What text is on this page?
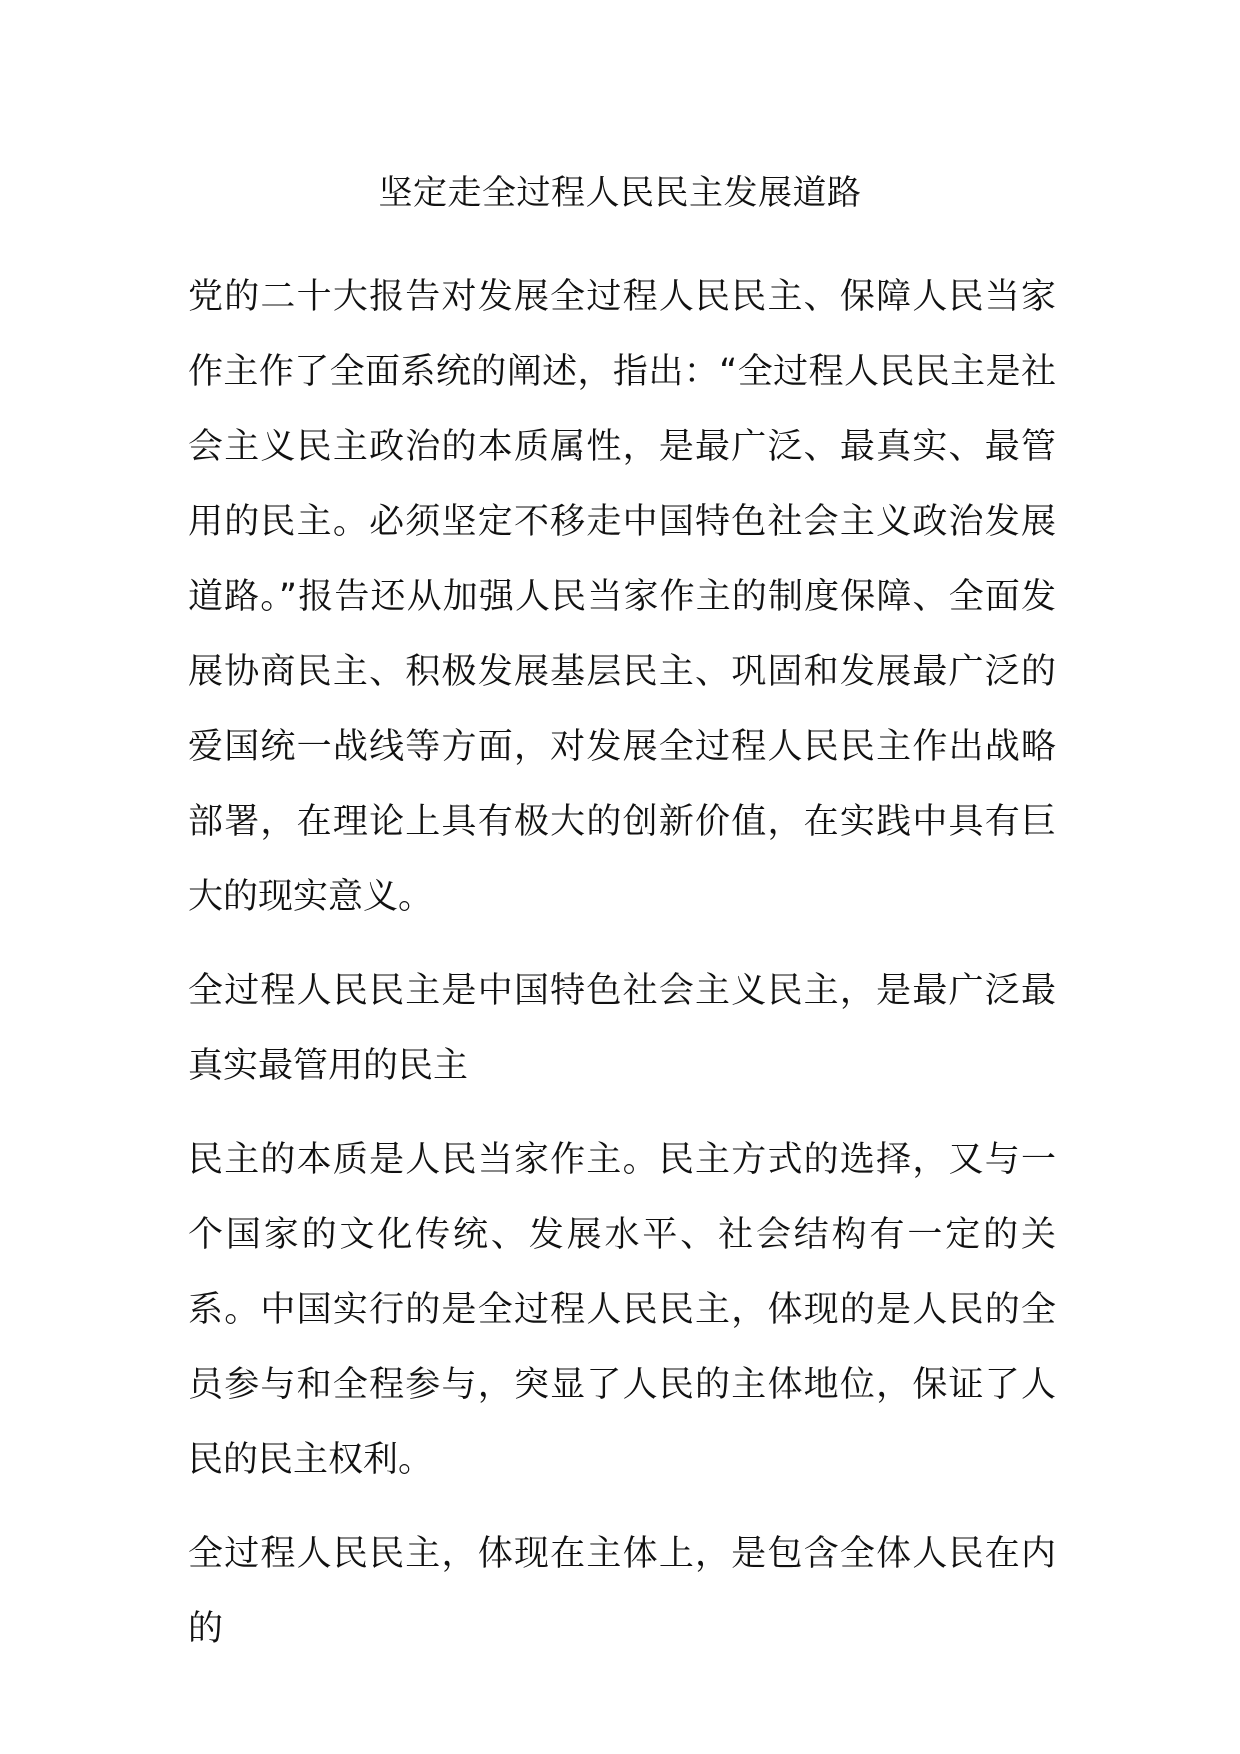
坚定走全过程人民民主发展道路

党的二十大报告对发展全过程人民民主、保障人民当家作主作了全面系统的阐述，指出：“全过程人民民主是社会主义民主政治的本质属性，是最广泛、最真实、最管用的民主。必须坚定不移走中国特色社会主义政治发展道路。”报告还从加强人民当家作主的制度保障、全面发展协商民主、积极发展基层民主、巩固和发展最广泛的爱国统一战线等方面，对发展全过程人民民主作出战略部署，在理论上具有极大的创新价值，在实践中具有巨大的现实意义。

全过程人民民主是中国特色社会主义民主，是最广泛最真实最管用的民主

民主的本质是人民当家作主。民主方式的选择，又与一个国家的文化传统、发展水平、社会结构有一定的关系。中国实行的是全过程人民民主，体现的是人民的全员参与和全程参与，突显了人民的主体地位，保证了人民的民主权利。

全过程人民民主，体现在主体上，是包含全体人民在内的
